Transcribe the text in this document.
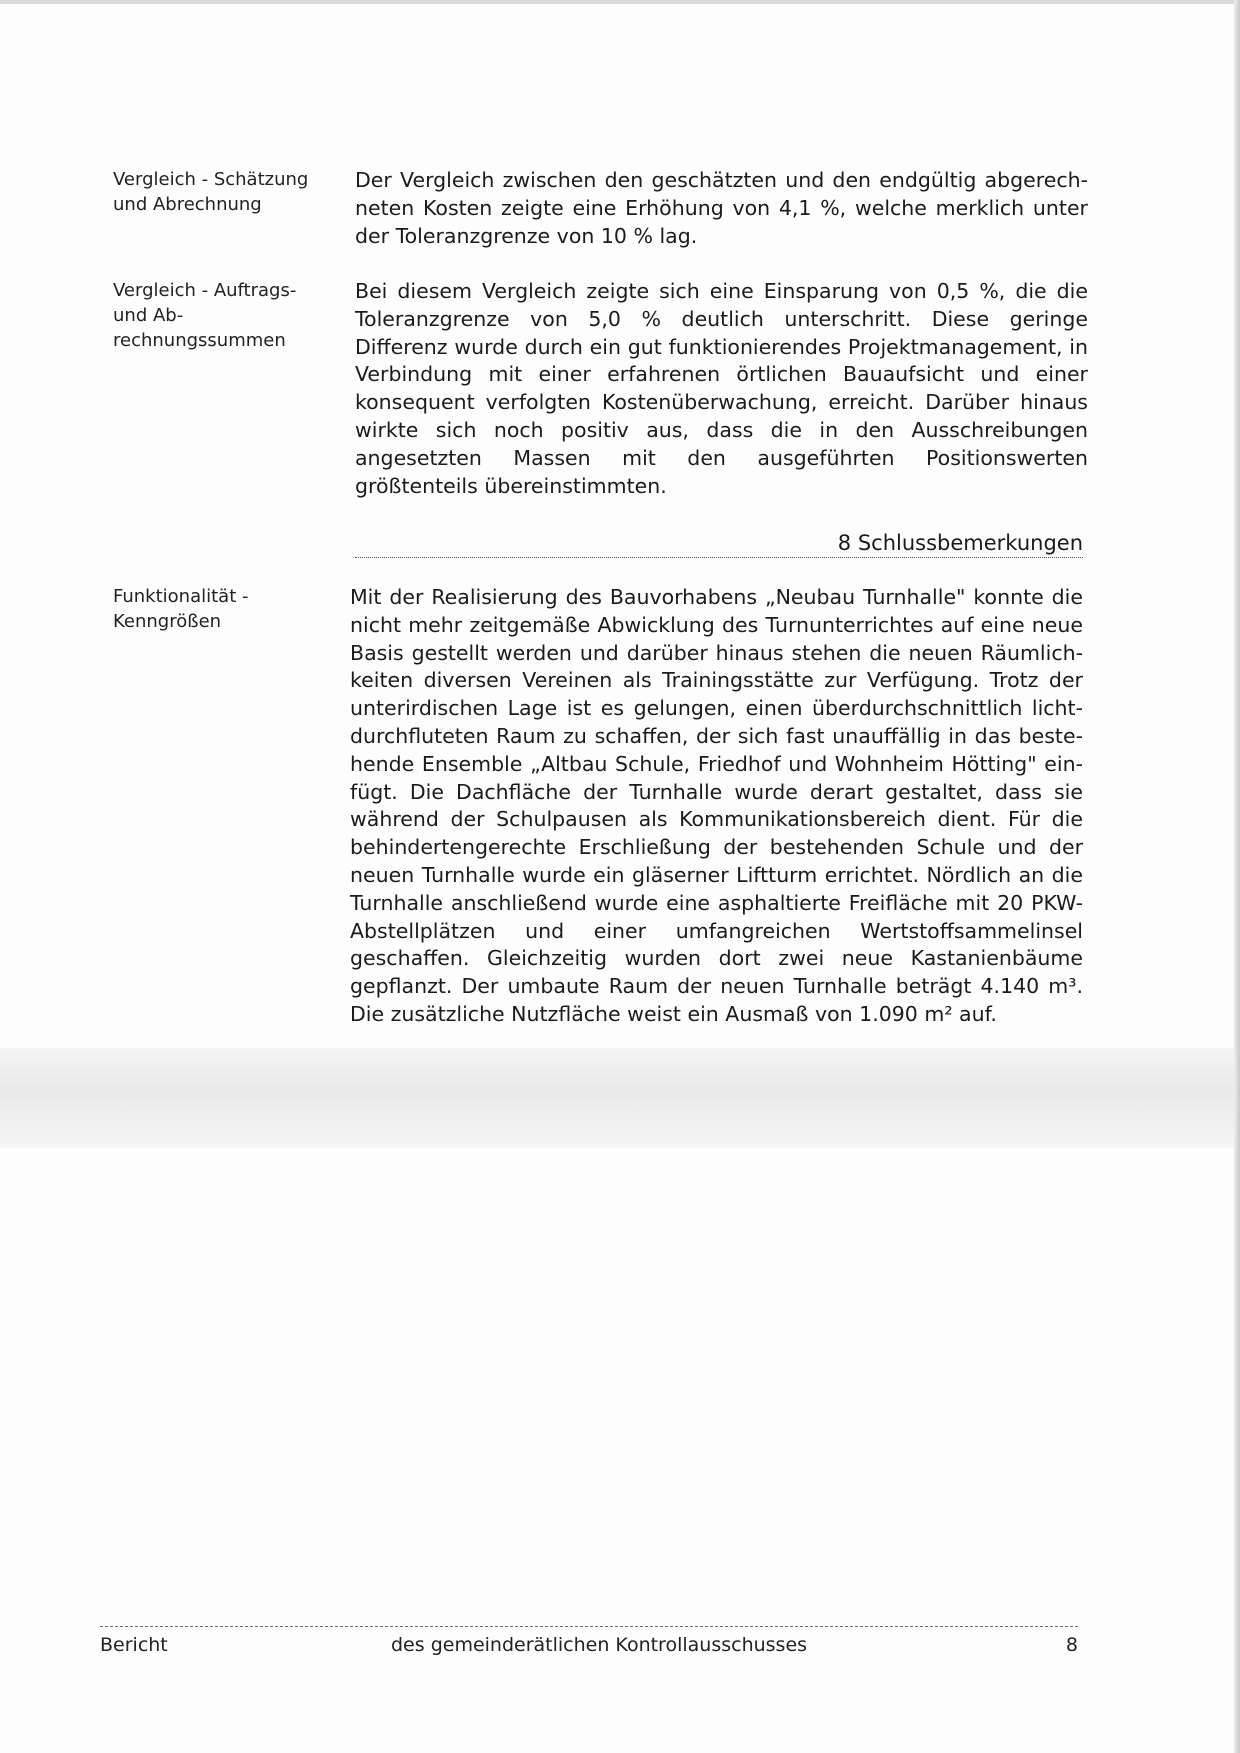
Vergleich - Schätzung und Abrechnung
Der Vergleich zwischen den geschätzten und den endgültig abgerechneten Kosten zeigte eine Erhöhung von 4,1 %, welche merklich unter der Toleranzgrenze von 10 % lag.
Vergleich - Auftrags- und Abrechnungssummen
Bei diesem Vergleich zeigte sich eine Einsparung von 0,5 %, die die Toleranzgrenze von 5,0 % deutlich unterschritt. Diese geringe Differenz wurde durch ein gut funktionierendes Projektmanagement, in Verbindung mit einer erfahrenen örtlichen Bauaufsicht und einer konsequent verfolgten Kostenüberwachung, erreicht. Darüber hinaus wirkte sich noch positiv aus, dass die in den Ausschreibungen angesetzten Massen mit den ausgeführten Positionswerten größtenteils übereinstimmten.
8 Schlussbemerkungen
Funktionalität - Kenngrößen
Mit der Realisierung des Bauvorhabens „Neubau Turnhalle" konnte die nicht mehr zeitgemäße Abwicklung des Turnunterrichtes auf eine neue Basis gestellt werden und darüber hinaus stehen die neuen Räumlichkeiten diversen Vereinen als Trainingsstätte zur Verfügung. Trotz der unterirdischen Lage ist es gelungen, einen überdurchschnittlich lichtdurchfluteten Raum zu schaffen, der sich fast unauffällig in das bestehende Ensemble „Altbau Schule, Friedhof und Wohnheim Hötting" einfügt. Die Dachfläche der Turnhalle wurde derart gestaltet, dass sie während der Schulpausen als Kommunikationsbereich dient. Für die behindertengerechte Erschließung der bestehenden Schule und der neuen Turnhalle wurde ein gläserner Liftturm errichtet. Nördlich an die Turnhalle anschließend wurde eine asphaltierte Freifläche mit 20 PKW-Abstellplätzen und einer umfangreichen Wertstoffsammelinsel geschaffen. Gleichzeitig wurden dort zwei neue Kastanienbäume gepflanzt. Der umbaute Raum der neuen Turnhalle beträgt 4.140 m³. Die zusätzliche Nutzfläche weist ein Ausmaß von 1.090 m² auf.
Bericht	des gemeinderätlichen Kontrollausschusses	8
